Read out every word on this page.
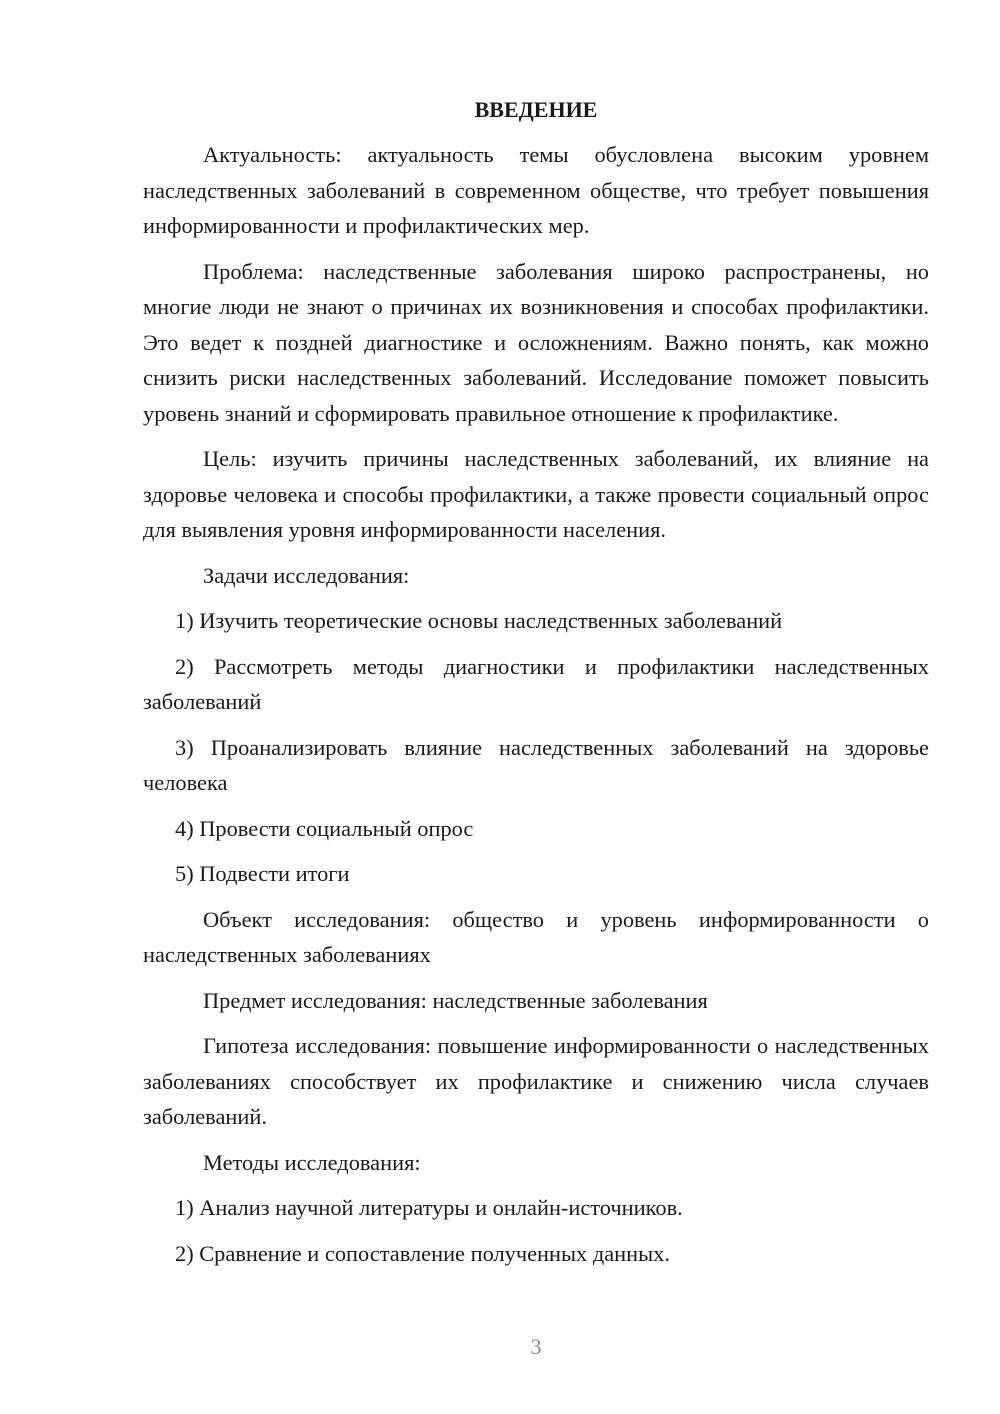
ВВЕДЕНИЕ

Актуальность: актуальность темы обусловлена высоким уровнем наследственных заболеваний в современном обществе, что требует повышения информированности и профилактических мер.

Проблема: наследственные заболевания широко распространены, но многие люди не знают о причинах их возникновения и способах профилактики. Это ведет к поздней диагностике и осложнениям. Важно понять, как можно снизить риски наследственных заболеваний. Исследование поможет повысить уровень знаний и сформировать правильное отношение к профилактике.

Цель: изучить причины наследственных заболеваний, их влияние на здоровье человека и способы профилактики, а также провести социальный опрос для выявления уровня информированности населения.

Задачи исследования:

1) Изучить теоретические основы наследственных заболеваний

2) Рассмотреть методы диагностики и профилактики наследственных заболеваний

3) Проанализировать влияние наследственных заболеваний на здоровье человека

4) Провести социальный опрос

5) Подвести итоги

Объект исследования: общество и уровень информированности о наследственных заболеваниях

Предмет исследования: наследственные заболевания

Гипотеза исследования: повышение информированности о наследственных заболеваниях способствует их профилактике и снижению числа случаев заболеваний.

Методы исследования:

1) Анализ научной литературы и онлайн-источников.

2) Сравнение и сопоставление полученных данных.

3
